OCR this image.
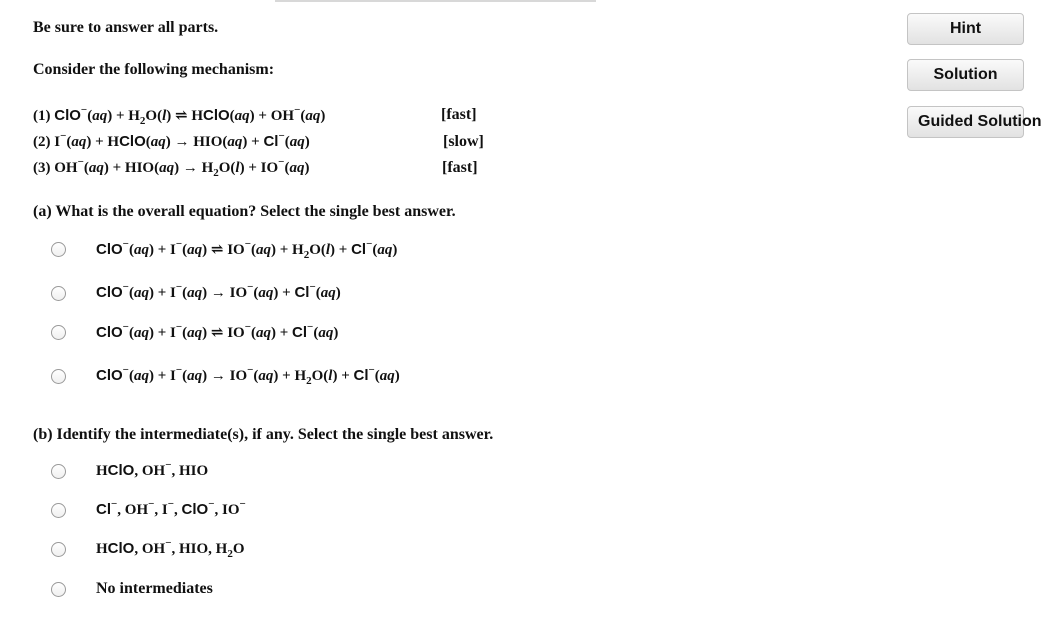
Be sure to answer all parts.
Consider the following mechanism:
(1) $ClO^-(aq) + H_2O(l)$ ⇌ HClO(aq) + OH−(aq)	[fast]
(2) I−(aq) + HClO(aq) → HIO(aq) + Cl−(aq)	[slow]
(3) $OH^-(aq) + HIO(aq) \to H_2O(l) + IO^-(aq)$	[fast]
(a) What is the overall equation? Select the single best answer.
ClO−(aq) + I−(aq) ⇌ $IO^-(aq) + H_2O(l) + Cl^-(aq)$
ClO−(aq) + I−(aq) → IO−(aq) + Cl−(aq)
ClO−(aq) + I−(aq) ⇌ IO−(aq) + Cl−(aq)
$ClO^-(aq) + I^-(aq) \to IO^-(aq) + H_2O(l) + Cl^-(aq)$
(b) Identify the intermediate(s), if any. Select the single best answer.
HClO, OH−, HIO
Cl−, OH−, I−, ClO−, IO−
HClO, OH−, HIO, $H_2O$
No intermediates
Hint
Solution
Guided Solution
